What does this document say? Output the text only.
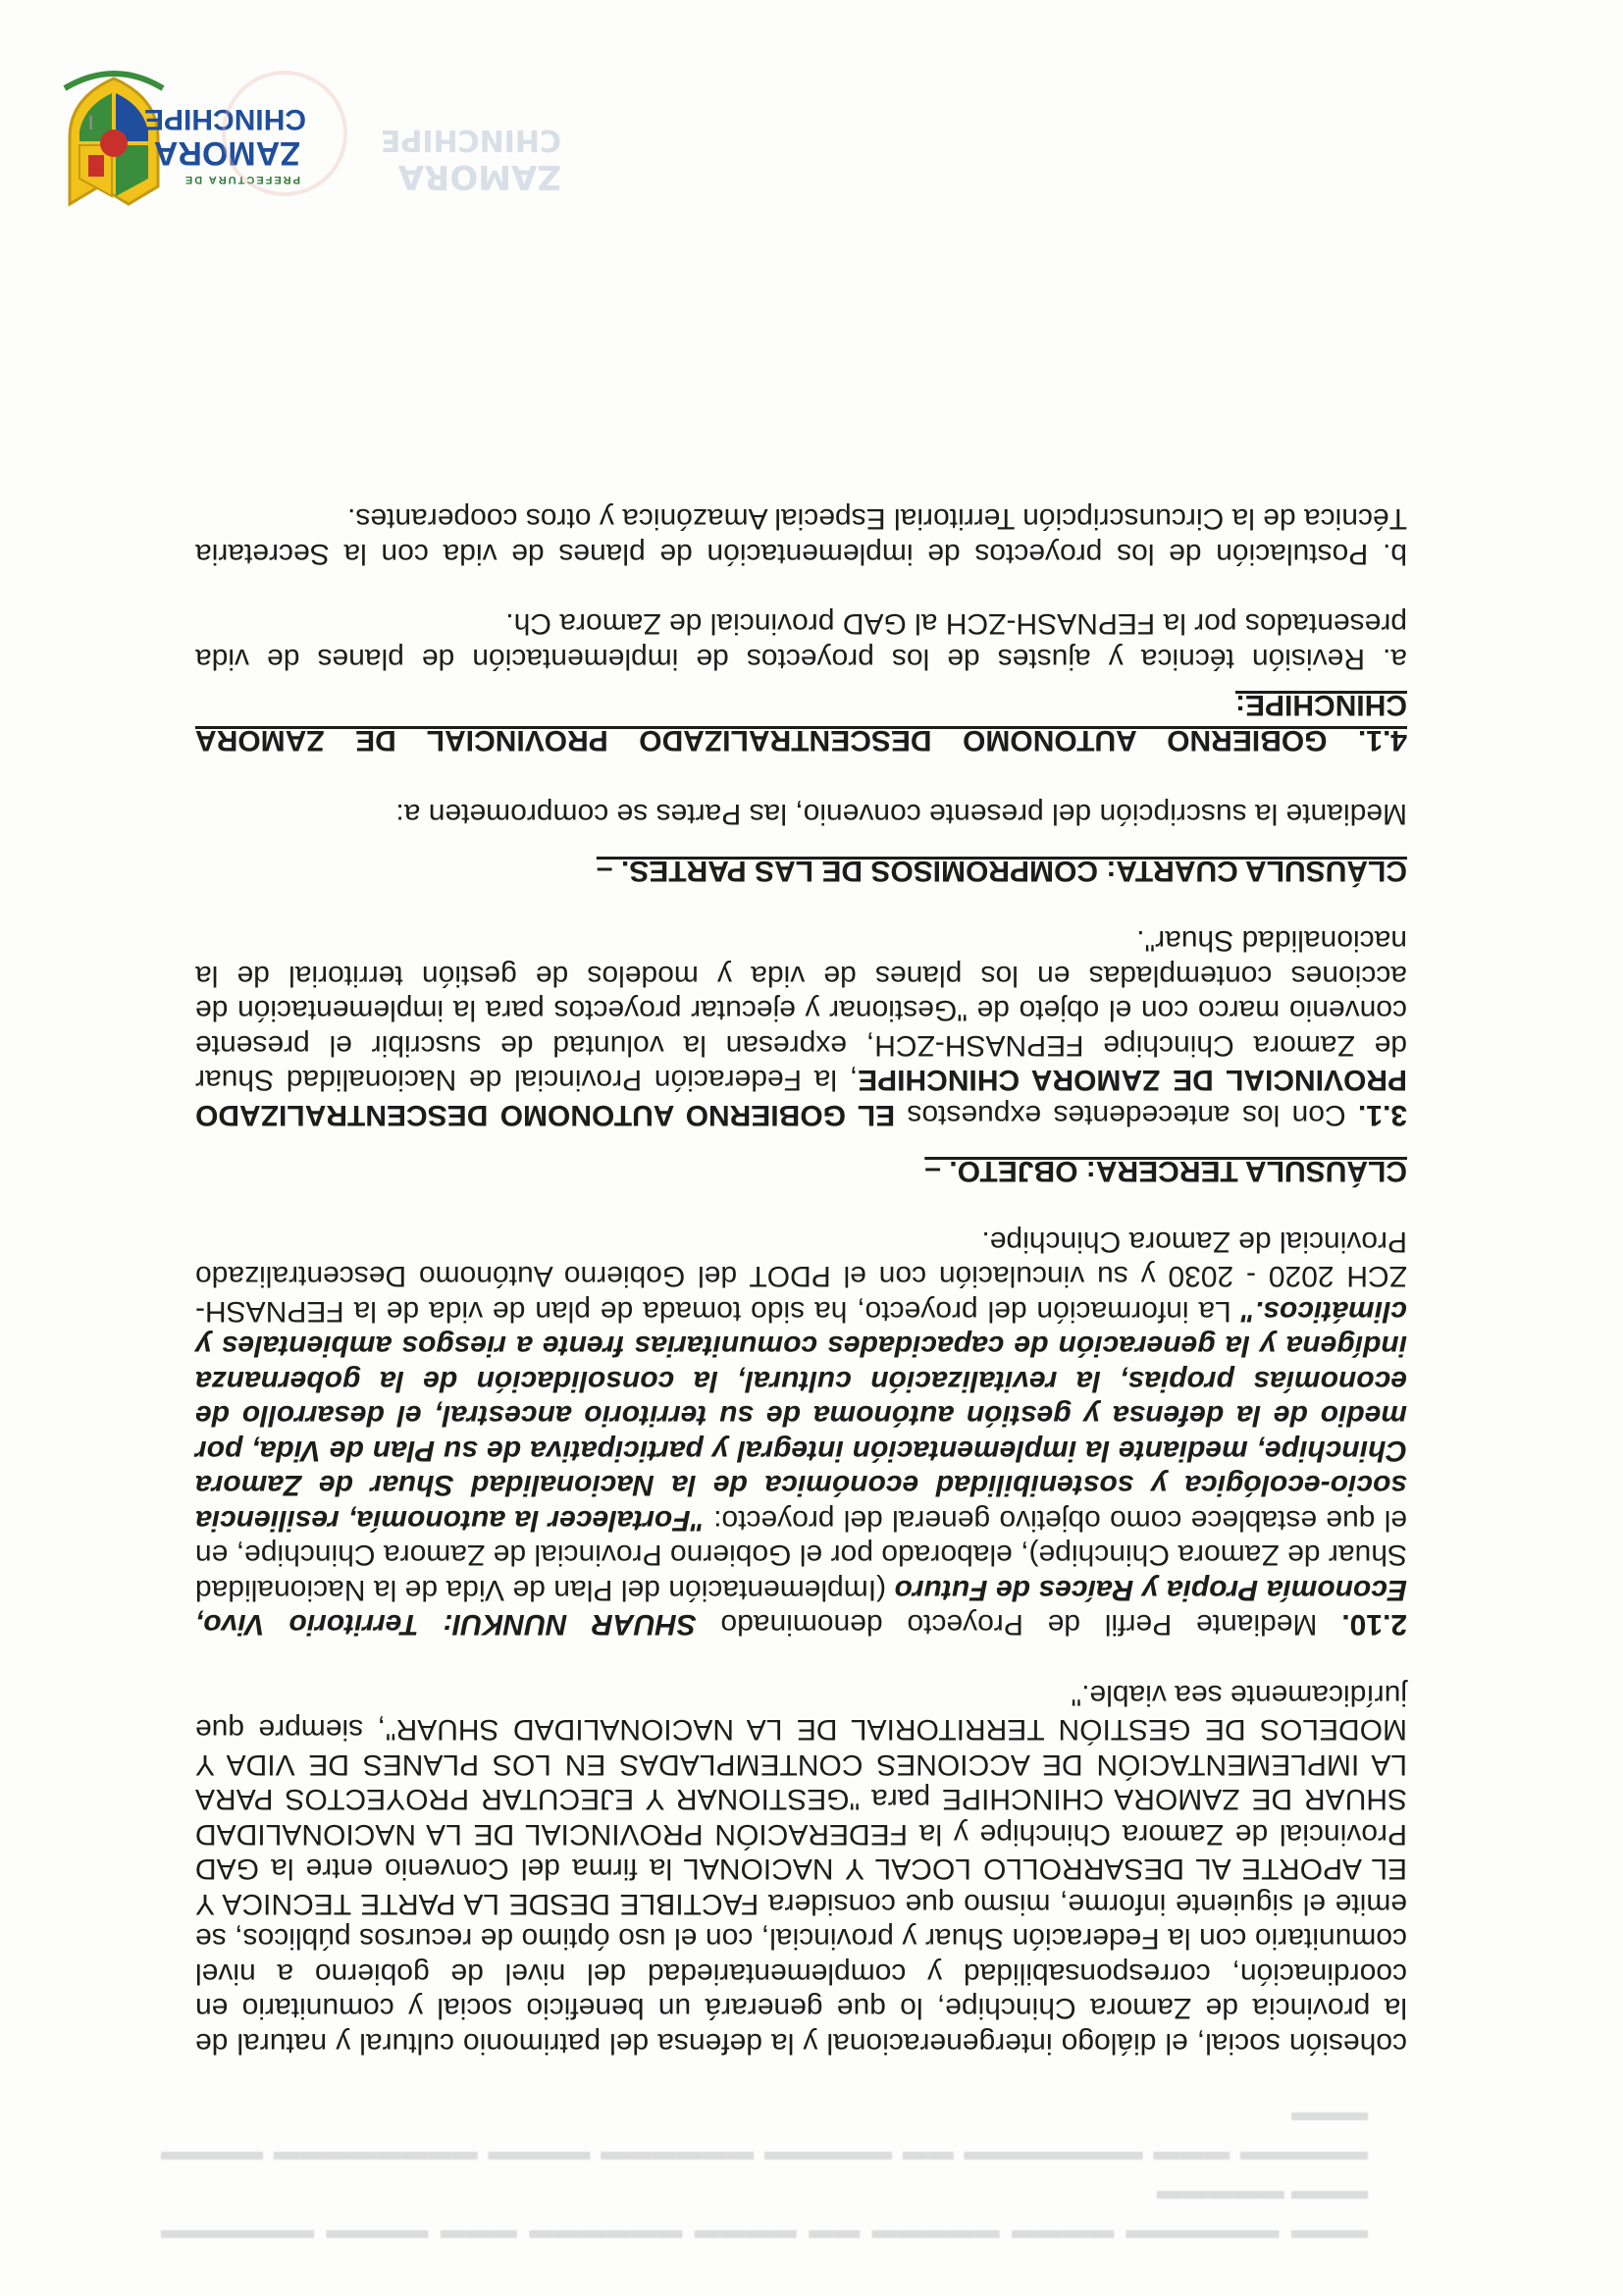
▬▬▬ ▬▬▬▬▬▬ ▬▬▬▬ ▬▬▬▬▬ ▬▬ ▬▬▬▬ ▬▬▬▬▬▬ ▬▬▬ ▬▬▬▬ ▬▬▬▬▬▬ ▬▬▬ ▬▬▬▬▬

▬▬▬▬▬ ▬▬▬ ▬▬▬▬▬▬▬ ▬▬ ▬▬▬▬▬ ▬▬▬▬▬▬ ▬▬▬▬ ▬▬▬▬▬▬▬▬ ▬▬▬▬ ▬▬▬

PREFECTURA DE
ZAMORA
CHINCHIPE
ZAMORA
CHINCHIPE

cohesión social, el diálogo intergeneracional y la defensa del patrimonio cultural y natural de la provincia de Zamora Chinchipe, lo que generará un beneficio social y comunitario en coordinación, corresponsabilidad y complementariedad del nivel de gobierno a nivel comunitario con la Federación Shuar y provincial, con el uso óptimo de recursos públicos, se emite el siguiente informe, mismo que considera FACTIBLE DESDE LA PARTE TECNICA Y EL APORTE AL DESARROLLO LOCAL Y NACIONAL la firma del Convenio entre la GAD Provincial de Zamora Chinchipe y la FEDERACIÓN PROVINCIAL DE LA NACIONALIDAD SHUAR DE ZAMORA CHINCHIPE para "GESTIONAR Y EJECUTAR PROYECTOS PARA LA IMPLEMENTACIÓN DE ACCIONES CONTEMPLADAS EN LOS PLANES DE VIDA Y MODELOS DE GESTIÓN TERRITORIAL DE LA NACIONALIDAD SHUAR", siempre que jurídicamente sea viable."

2.10. Mediante Perfil de Proyecto denominado SHUAR NUNKUI: Territorio Vivo, Economía Propia y Raíces de Futuro (Implementación del Plan de Vida de la Nacionalidad Shuar de Zamora Chinchipe), elaborado por el Gobierno Provincial de Zamora Chinchipe, en el que establece como objetivo general del proyecto: "Fortalecer la autonomía, resiliencia socio-ecológica y sostenibilidad económica de la Nacionalidad Shuar de Zamora Chinchipe, mediante la implementación integral y participativa de su Plan de Vida, por medio de la defensa y gestión autónoma de su territorio ancestral, el desarrollo de economías propias, la revitalización cultural, la consolidación de la gobernanza indígena y la generación de capacidades comunitarias frente a riesgos ambientales y climáticos." La información del proyecto, ha sido tomada de plan de vida de la FEPNASH-ZCH 2020 - 2030 y su vinculación con el PDOT del Gobierno Autónomo Descentralizado Provincial de Zamora Chinchipe.

CLÁUSULA TERCERA: OBJETO. –

3.1. Con los antecedentes expuestos EL GOBIERNO AUTONOMO DESCENTRALIZADO PROVINCIAL DE ZAMORA CHINCHIPE, la Federación Provincial de Nacionalidad Shuar de Zamora Chinchipe FEPNASH-ZCH, expresan la voluntad de suscribir el presente convenio marco con el objeto de "Gestionar y ejecutar proyectos para la implementación de acciones contempladas en los planes de vida y modelos de gestión territorial de la nacionalidad Shuar".

CLÁUSULA CUARTA: COMPROMISOS DE LAS PARTES. –

Mediante la suscripción del presente convenio, las Partes se comprometen a:

4.1. GOBIERNO AUTONOMO DESCENTRALIZADO PROVINCIAL DE ZAMORA CHINCHIPE:

a. Revisión técnica y ajustes de los proyectos de implementación de planes de vida presentados por la FEPNASH-ZCH al GAD provincial de Zamora Ch.
b. Postulación de los proyectos de implementación de planes de vida con la Secretaria Técnica de la Circunscripción Territorial Especial Amazónica y otros cooperantes.
